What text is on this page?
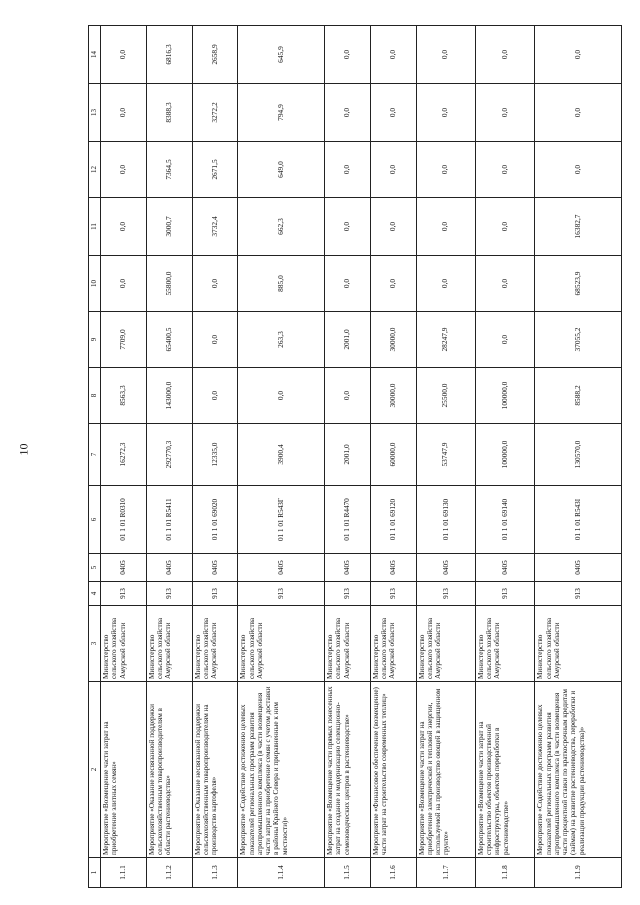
10
1	2	3	4	5	6	7	8	9	10	11	12	13	14
1.1.1	Мероприятие «Возмещение части затрат на приобретение элитных семян»	Министерство сельского хозяйства Амурской области	913	0405	01 1 01 R0310	16272,3	8563,3	7709,0	0,0	0,0	0,0	0,0	0,0
1.1.2	Мероприятие «Оказание несвязанной поддержки сельскохозяйственным товаропроизводителям в области растениеводства»	Министерство сельского хозяйства Амурской области	913	0405	01 1 01 R5411	292770,3	143000,0	65400,5	55800,0	3000,7	7364,5	8388,3	6816,3
1.1.3	Мероприятие «Оказание несвязанной поддержки сельскохозяйственным товаропроизводителям на производство картофеля»	Министерство сельского хозяйства Амурской области	913	0405	01 1 01 69020	12335,0	0,0	0,0	0,0	3732,4	2671,5	3272,2	2658,9
1.1.4	Мероприятие «Содействие достижению целевых показателей региональных программ развития агропромышленного комплекса (в части возмещения части затрат на приобретение семян с учетом доставки в районы Крайнего Севера и приравненные к ним местности)»	Министерство сельского хозяйства Амурской области	913	0405	01 1 01 R543Г	3900,4	0,0	263,3	885,0	662,3	649,0	794,9	645,9
1.1.5	Мероприятие «Возмещение части прямых понесенных затрат на создание и модернизацию селекционно-семеноводческих центров в растениеводстве»	Министерство сельского хозяйства Амурской области	913	0405	01 1 01 R4470	2001,0	0,0	2001,0	0,0	0,0	0,0	0,0	0,0
1.1.6	Мероприятие «Финансовое обеспечение (возмещение) части затрат на строительство современных теплиц»	Министерство сельского хозяйства Амурской области	913	0405	01 1 01 69120	60000,0	30000,0	30000,0	0,0	0,0	0,0	0,0	0,0
1.1.7	Мероприятие «Возмещение части затрат на приобретение электрической и тепловой энергии, используемой на производство овощей в защищенном грунте»	Министерство сельского хозяйства Амурской области	913	0405	01 1 01 69130	53747,9	25500,0	28247,9	0,0	0,0	0,0	0,0	0,0
1.1.8	Мероприятие «Возмещение части затрат на строительство объектов производственной инфраструктуры, объектов переработки в растениеводстве»	Министерство сельского хозяйства Амурской области	913	0405	01 1 01 69140	100000,0	100000,0	0,0	0,0	0,0	0,0	0,0	0,0
1.1.9	Мероприятие «Содействие достижению целевых показателей региональных программ развития агропромышленного комплекса (в части возмещения части процентной ставки по краткосрочным кредитам (займам) на развитие растениеводства, переработки и реализации продукции растениеводства)»	Министерство сельского хозяйства Амурской области	913	0405	01 1 01 R543I	130570,0	8588,2	37055,2	68523,9	16382,7	0,0	0,0	0,0
